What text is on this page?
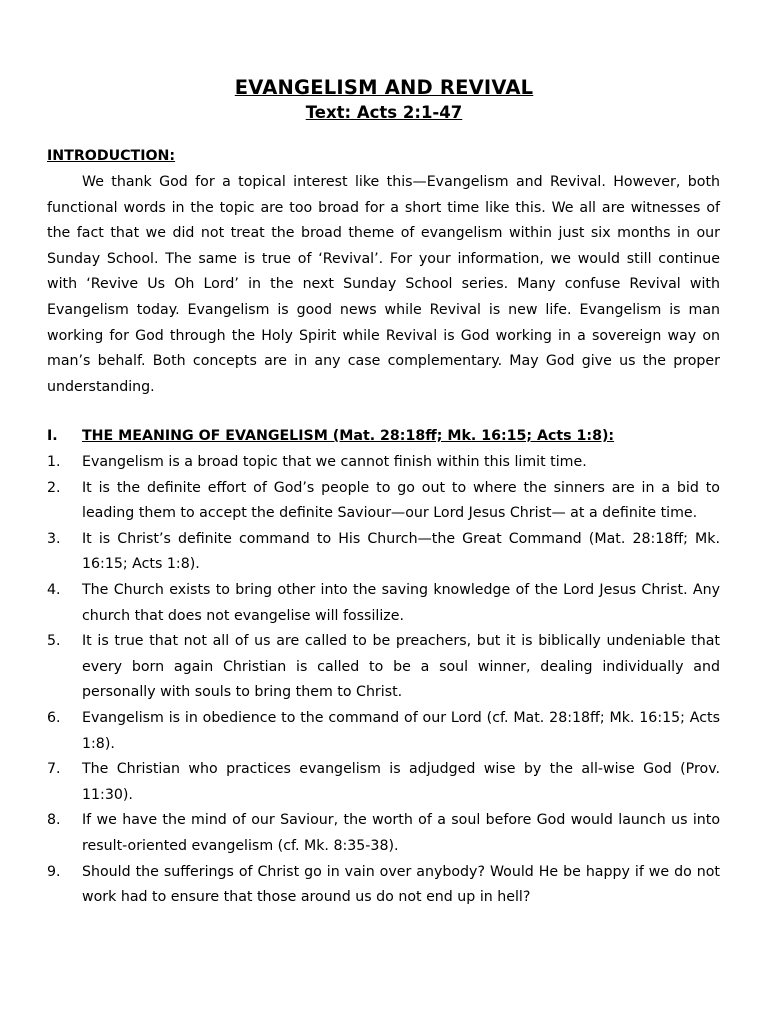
EVANGELISM AND REVIVAL
Text: Acts 2:1-47
INTRODUCTION:
We thank God for a topical interest like this—Evangelism and Revival. However, both functional words in the topic are too broad for a short time like this. We all are witnesses of the fact that we did not treat the broad theme of evangelism within just six months in our Sunday School. The same is true of ‘Revival’. For your information, we would still continue with ‘Revive Us Oh Lord’ in the next Sunday School series. Many confuse Revival with Evangelism today. Evangelism is good news while Revival is new life. Evangelism is man working for God through the Holy Spirit while Revival is God working in a sovereign way on man’s behalf. Both concepts are in any case complementary. May God give us the proper understanding.
I. THE MEANING OF EVANGELISM (Mat. 28:18ff; Mk. 16:15; Acts 1:8):
1. Evangelism is a broad topic that we cannot finish within this limit time.
2. It is the definite effort of God’s people to go out to where the sinners are in a bid to leading them to accept the definite Saviour—our Lord Jesus Christ— at a definite time.
3. It is Christ’s definite command to His Church—the Great Command (Mat. 28:18ff; Mk. 16:15; Acts 1:8).
4. The Church exists to bring other into the saving knowledge of the Lord Jesus Christ. Any church that does not evangelise will fossilize.
5. It is true that not all of us are called to be preachers, but it is biblically undeniable that every born again Christian is called to be a soul winner, dealing individually and personally with souls to bring them to Christ.
6. Evangelism is in obedience to the command of our Lord (cf. Mat. 28:18ff; Mk. 16:15; Acts 1:8).
7. The Christian who practices evangelism is adjudged wise by the all-wise God (Prov. 11:30).
8. If we have the mind of our Saviour, the worth of a soul before God would launch us into result-oriented evangelism (cf. Mk. 8:35-38).
9. Should the sufferings of Christ go in vain over anybody? Would He be happy if we do not work had to ensure that those around us do not end up in hell?
